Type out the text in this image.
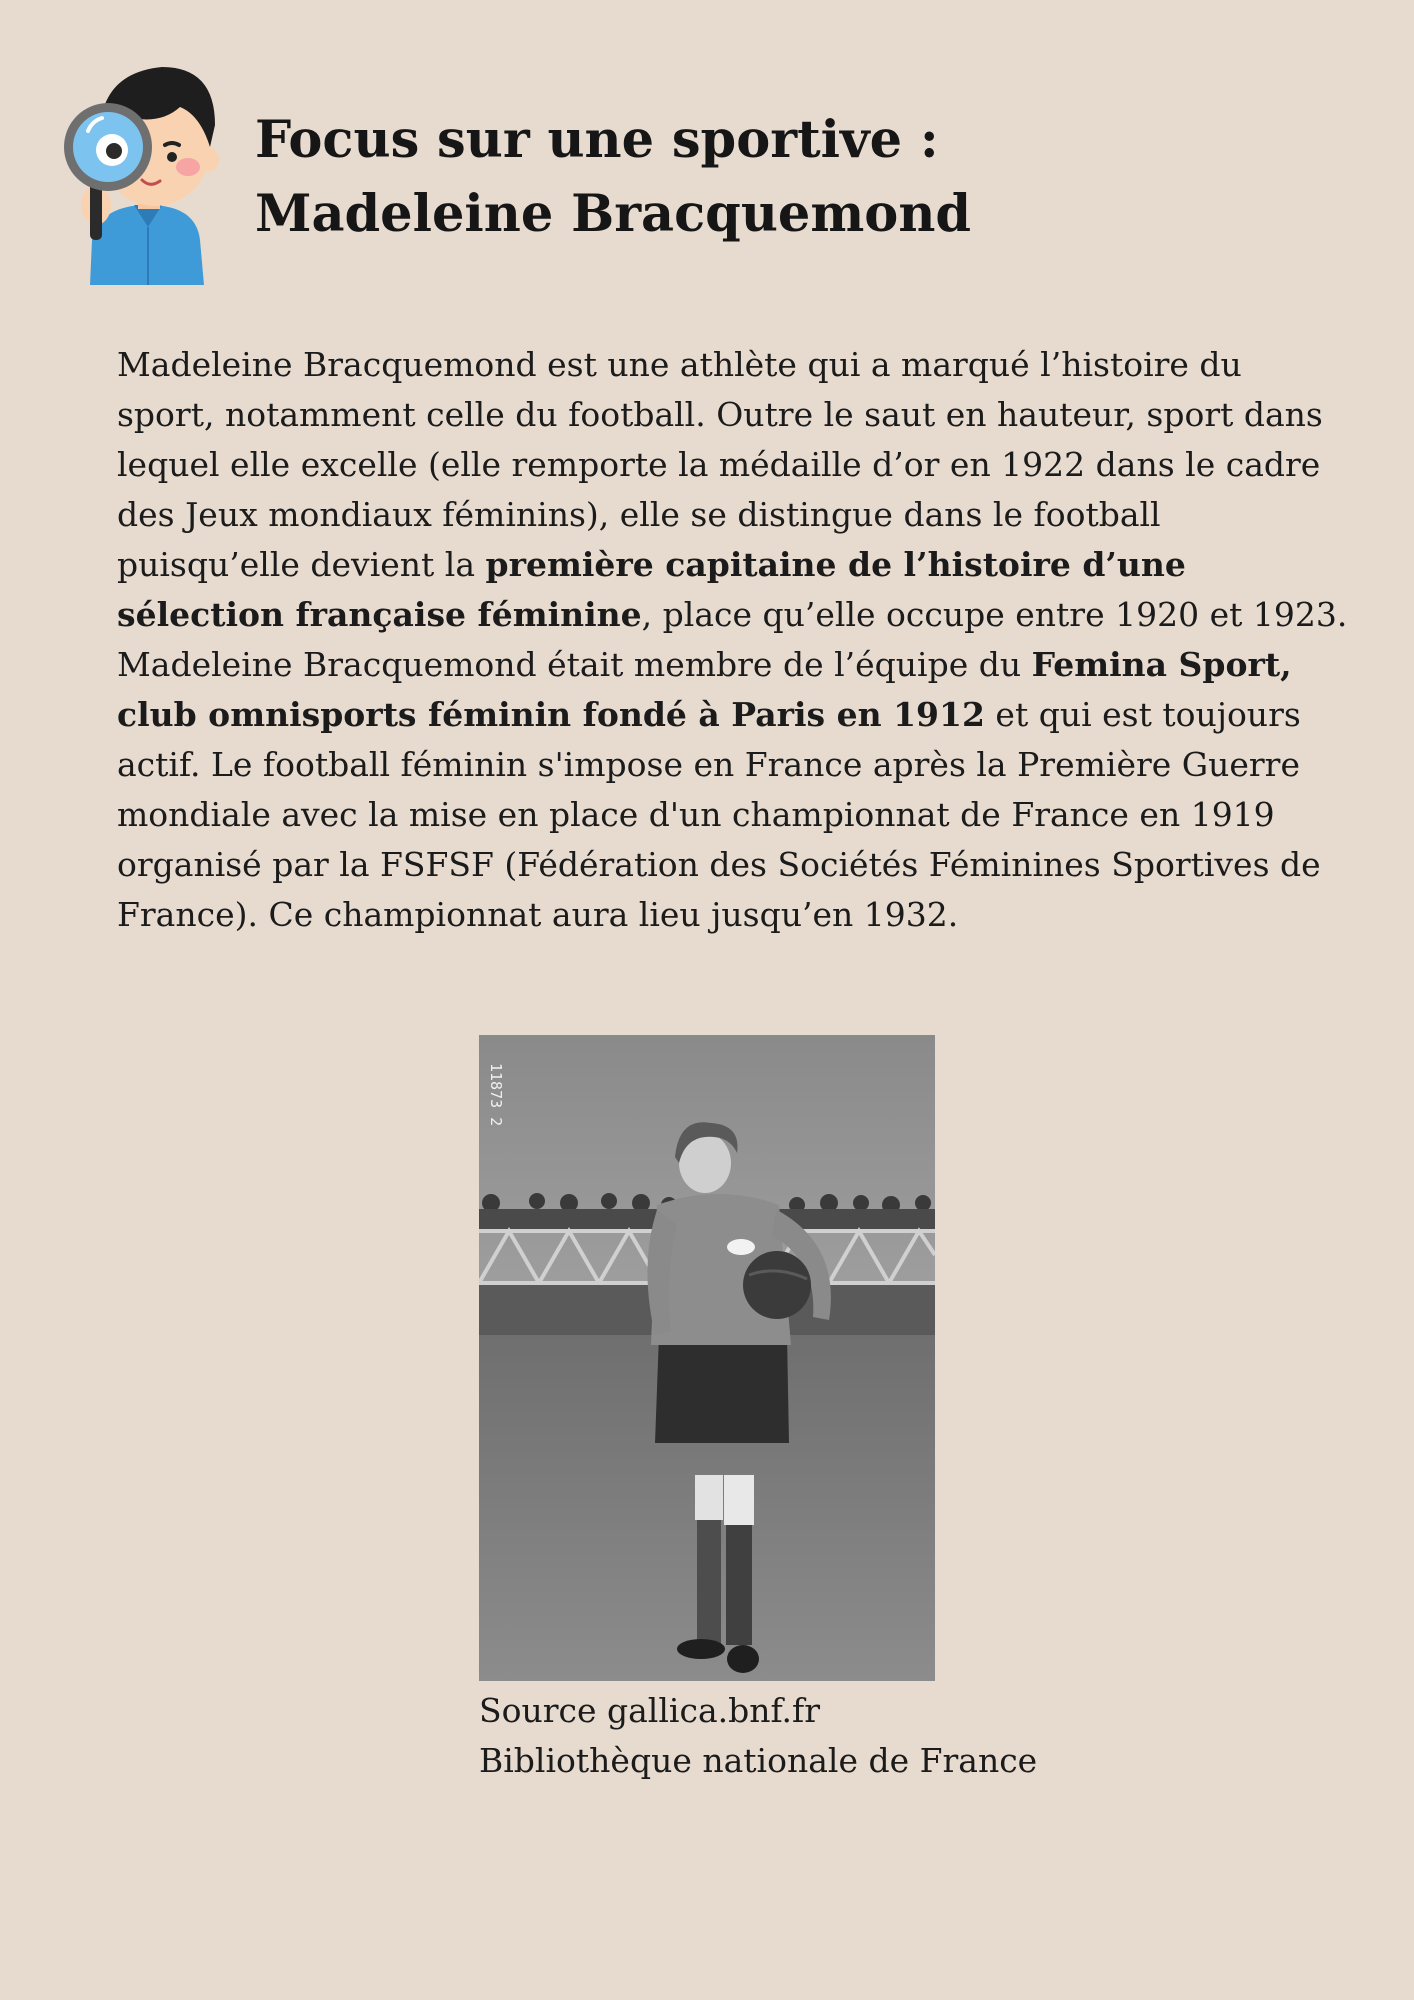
Focus sur une sportive :
Madeleine Bracquemond

Madeleine Bracquemond est une athlète qui a marqué l’histoire du
sport, notamment celle du football. Outre le saut en hauteur, sport dans
lequel elle excelle (elle remporte la médaille d’or en 1922 dans le cadre
des Jeux mondiaux féminins), elle se distingue dans le football
puisqu’elle devient la première capitaine de l’histoire d’une
sélection française féminine, place qu’elle occupe entre 1920 et 1923.
Madeleine Bracquemond était membre de l’équipe du Femina Sport,
club omnisports féminin fondé à Paris en 1912 et qui est toujours
actif. Le football féminin s'impose en France après la Première Guerre
mondiale avec la mise en place d'un championnat de France en 1919
organisé par la FSFSF (Fédération des Sociétés Féminines Sportives de
France). Ce championnat aura lieu jusqu’en 1932.

11873 2
Source gallica.bnf.fr
Bibliothèque nationale de France
